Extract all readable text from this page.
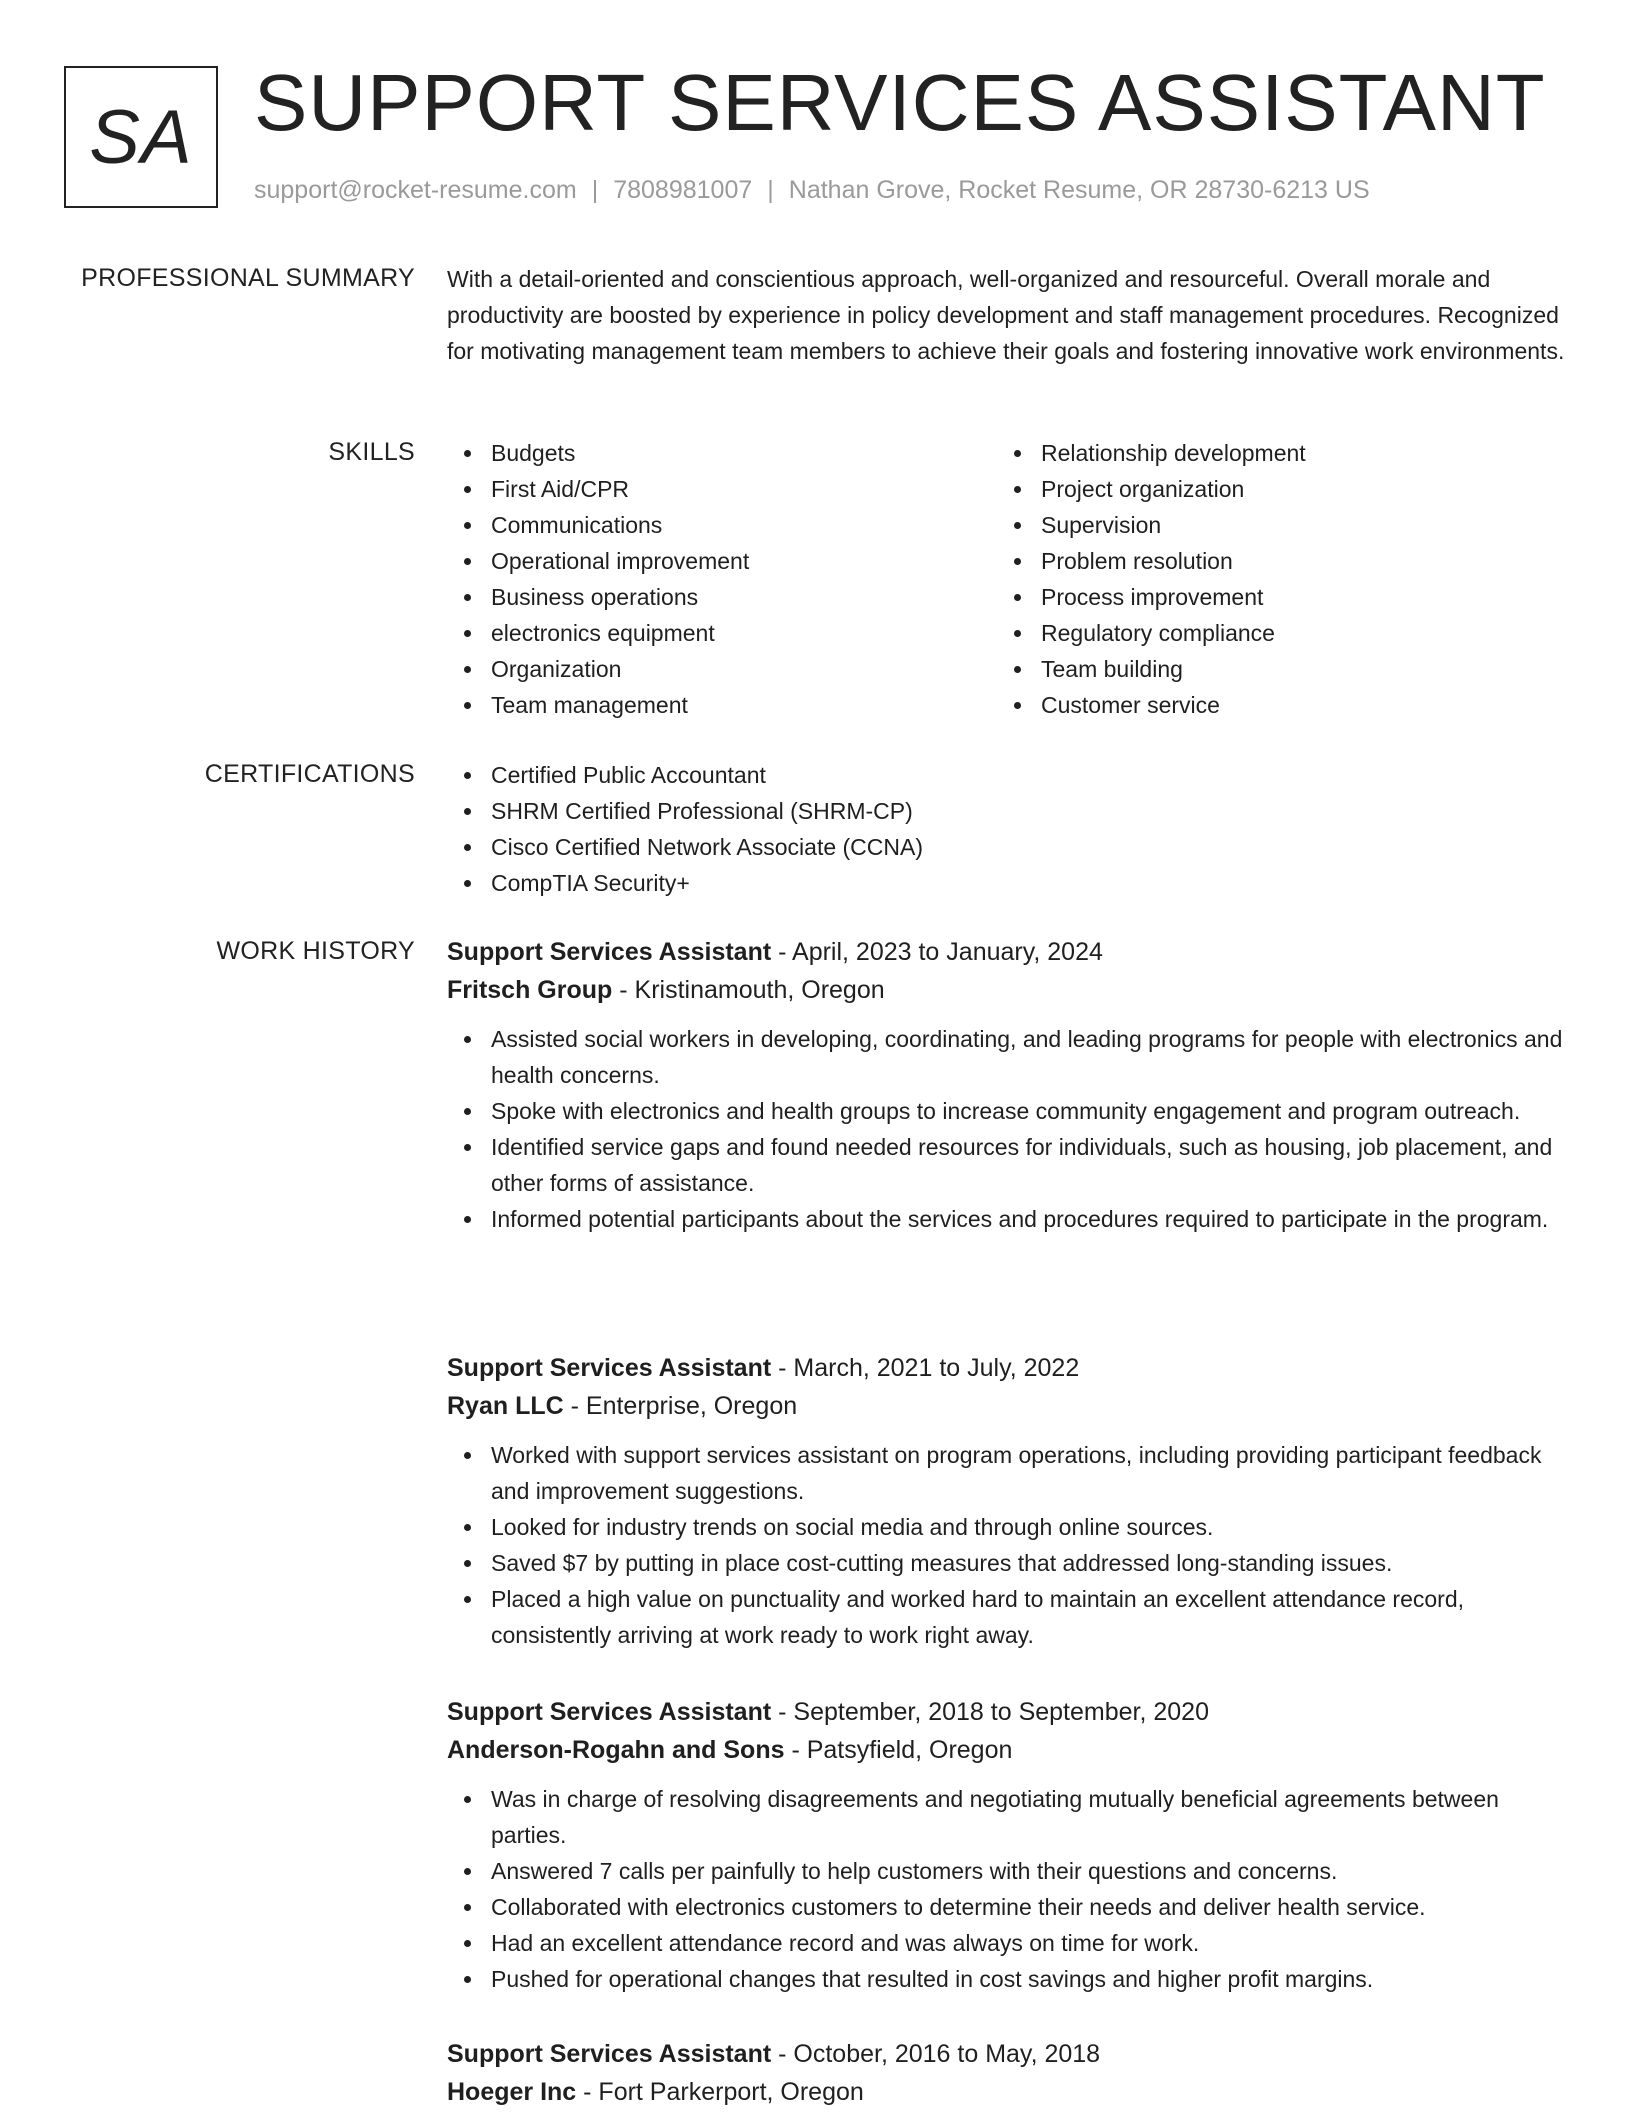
SA SUPPORT SERVICES ASSISTANT
support@rocket-resume.com | 7808981007 | Nathan Grove, Rocket Resume, OR 28730-6213 US
PROFESSIONAL SUMMARY With a detail-oriented and conscientious approach, well-organized and resourceful. Overall morale and productivity are boosted by experience in policy development and staff management procedures. Recognized for motivating management team members to achieve their goals and fostering innovative work environments.

SKILLS	Budgets
First Aid/CPR
Communications
Operational improvement
Business operations
electronics equipment
Organization
Team management
Relationship development
Project organization
Supervision
Problem resolution
Process improvement
Regulatory compliance
Team building
Customer service
CERTIFICATIONS	Certified Public Accountant
SHRM Certified Professional (SHRM-CP)
Cisco Certified Network Associate (CCNA)
CompTIA Security+
WORK HISTORY Support Services Assistant - April, 2023 to January, 2024
Fritsch Group - Kristinamouth, Oregon
Assisted social workers in developing, coordinating, and leading programs for people with electronics and health concerns.
Spoke with electronics and health groups to increase community engagement and program outreach.
Identified service gaps and found needed resources for individuals, such as housing, job placement, and other forms of assistance.
Informed potential participants about the services and procedures required to participate in the program.
Support Services Assistant - March, 2021 to July, 2022
Ryan LLC - Enterprise, Oregon
Worked with support services assistant on program operations, including providing participant feedback and improvement suggestions.
Looked for industry trends on social media and through online sources.
Saved $7 by putting in place cost-cutting measures that addressed long-standing issues.
Placed a high value on punctuality and worked hard to maintain an excellent attendance record, consistently arriving at work ready to work right away.
Support Services Assistant - September, 2018 to September, 2020
Anderson-Rogahn and Sons - Patsyfield, Oregon
Was in charge of resolving disagreements and negotiating mutually beneficial agreements between parties.
Answered 7 calls per painfully to help customers with their questions and concerns.
Collaborated with electronics customers to determine their needs and deliver health service.
Had an excellent attendance record and was always on time for work.
Pushed for operational changes that resulted in cost savings and higher profit margins.
Support Services Assistant - October, 2016 to May, 2018
Hoeger Inc - Fort Parkerport, Oregon
